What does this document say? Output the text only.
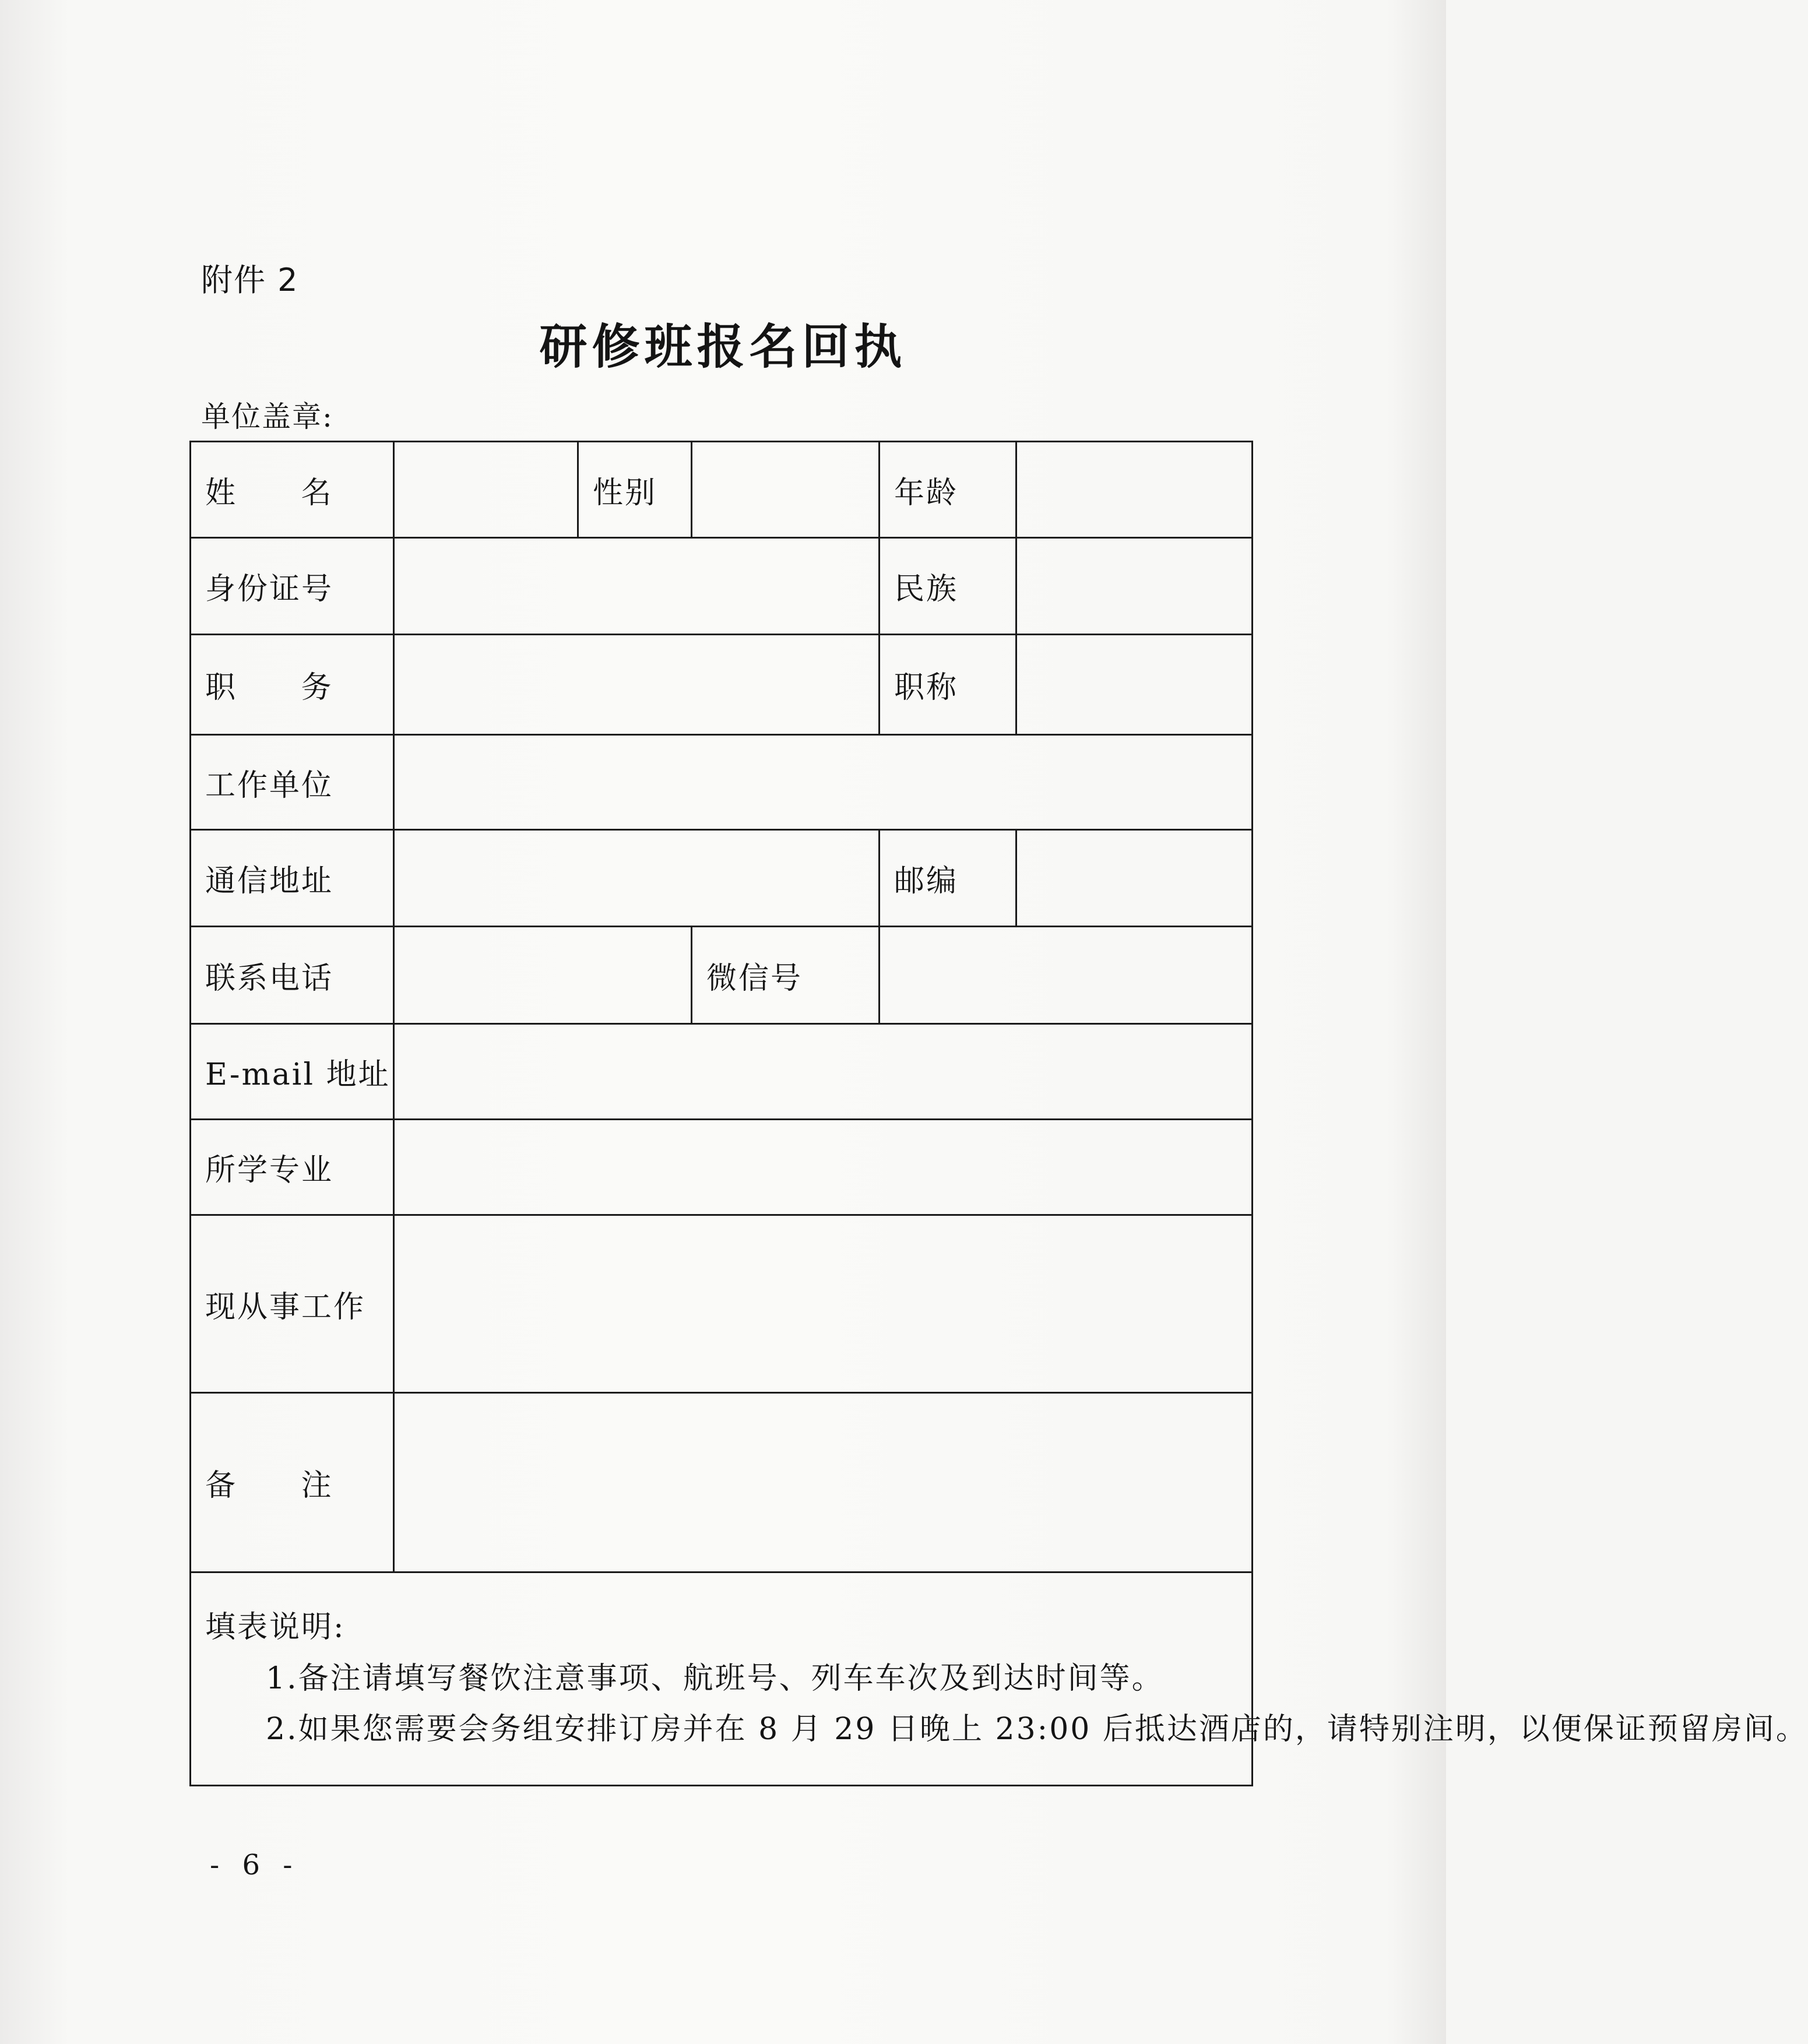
附件 2
研修班报名回执
单位盖章:
姓 名		性别		年龄	
身份证号				民族	
职 务				职称	
工作单位					
通信地址				邮编	
联系电话			微信号		
E-mail 地址					
所学专业					
现从事工作					
备 注					

填表说明:
1.备注请填写餐饮注意事项、航班号、列车车次及到达时间等。
2.如果您需要会务组安排订房并在 8 月 29 日晚上 23:00 后抵达酒店的，请特别注明，以便保证预留房间。					
- 6 -
